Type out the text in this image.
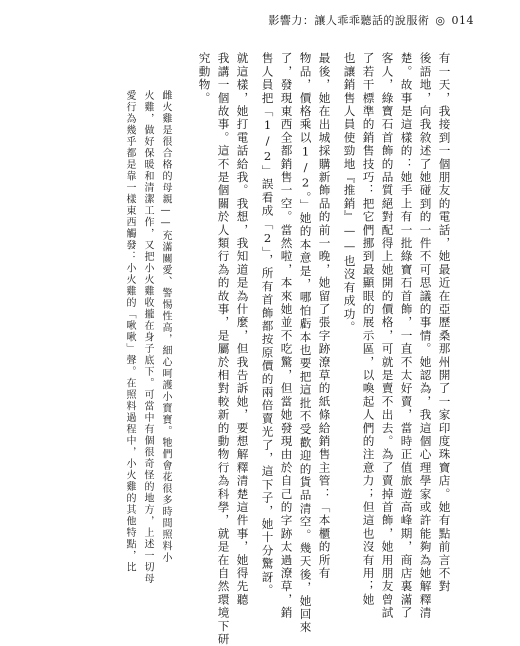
影響力：讓人乖乖聽話的說服術 ◎ 014
有一天，我接到一個朋友的電話，她最近在亞歷桑那州開了一家印度珠寶店。她有點前言不對
後語地，向我敘述了她碰到的一件不可思議的事情。她認為，我這個心理學家或許能夠為她解釋清
楚。故事是這樣的：她手上有一批綠寶石首飾，一直不太好賣，當時正值旅遊高峰期，商店裏滿了
客人，綠寶石首飾的品質絕對配得上她開的價格，可就是賣不出去。為了賣掉首飾，她用朋友曾試
了若干標準的銷售技巧：把它們挪到最顯眼的展示區，以喚起人們的注意力；但這也沒有用；她
也讓銷售人員使勁地『推銷』——也沒有成功。
最後，她在出城採購新飾品的前一晚，她留了張字跡潦草的紙條給銷售主管：「本櫃的所有
物品，價格乘以1/2。」她的本意是，哪怕虧本也要把這批不受歡迎的貨品清空。幾天後，她回來
了，發現東西全都銷售一空。當然啦，本來她並不吃驚，但當她發現由於自己的字跡太過潦草，銷
售人員把「1/2」誤看成「2」，所有首飾都按原價的兩倍賣光了，這下子，她十分驚訝。
就這樣，她打電話給我。我想，我知道是為什麼，但我告訴她，要想解釋清楚這件事，她得先聽
我講一個故事。這不是個關於人類行為的故事，是屬於相對較新的動物行為科學，就是在自然環境下研
究動物。
雌火雞是很合格的母親——充滿關愛、警惕性高，細心呵護小寶寶。牠們會花很多時間照料小
火雞，做好保暖和清潔工作，又把小火雞收攏在身子底下。可當中有個很奇怪的地方，上述一切母
愛行為幾乎都是靠一樣東西觸發：小火雞的「啾啾」聲。在照料過程中，小火雞的其他特點，比
